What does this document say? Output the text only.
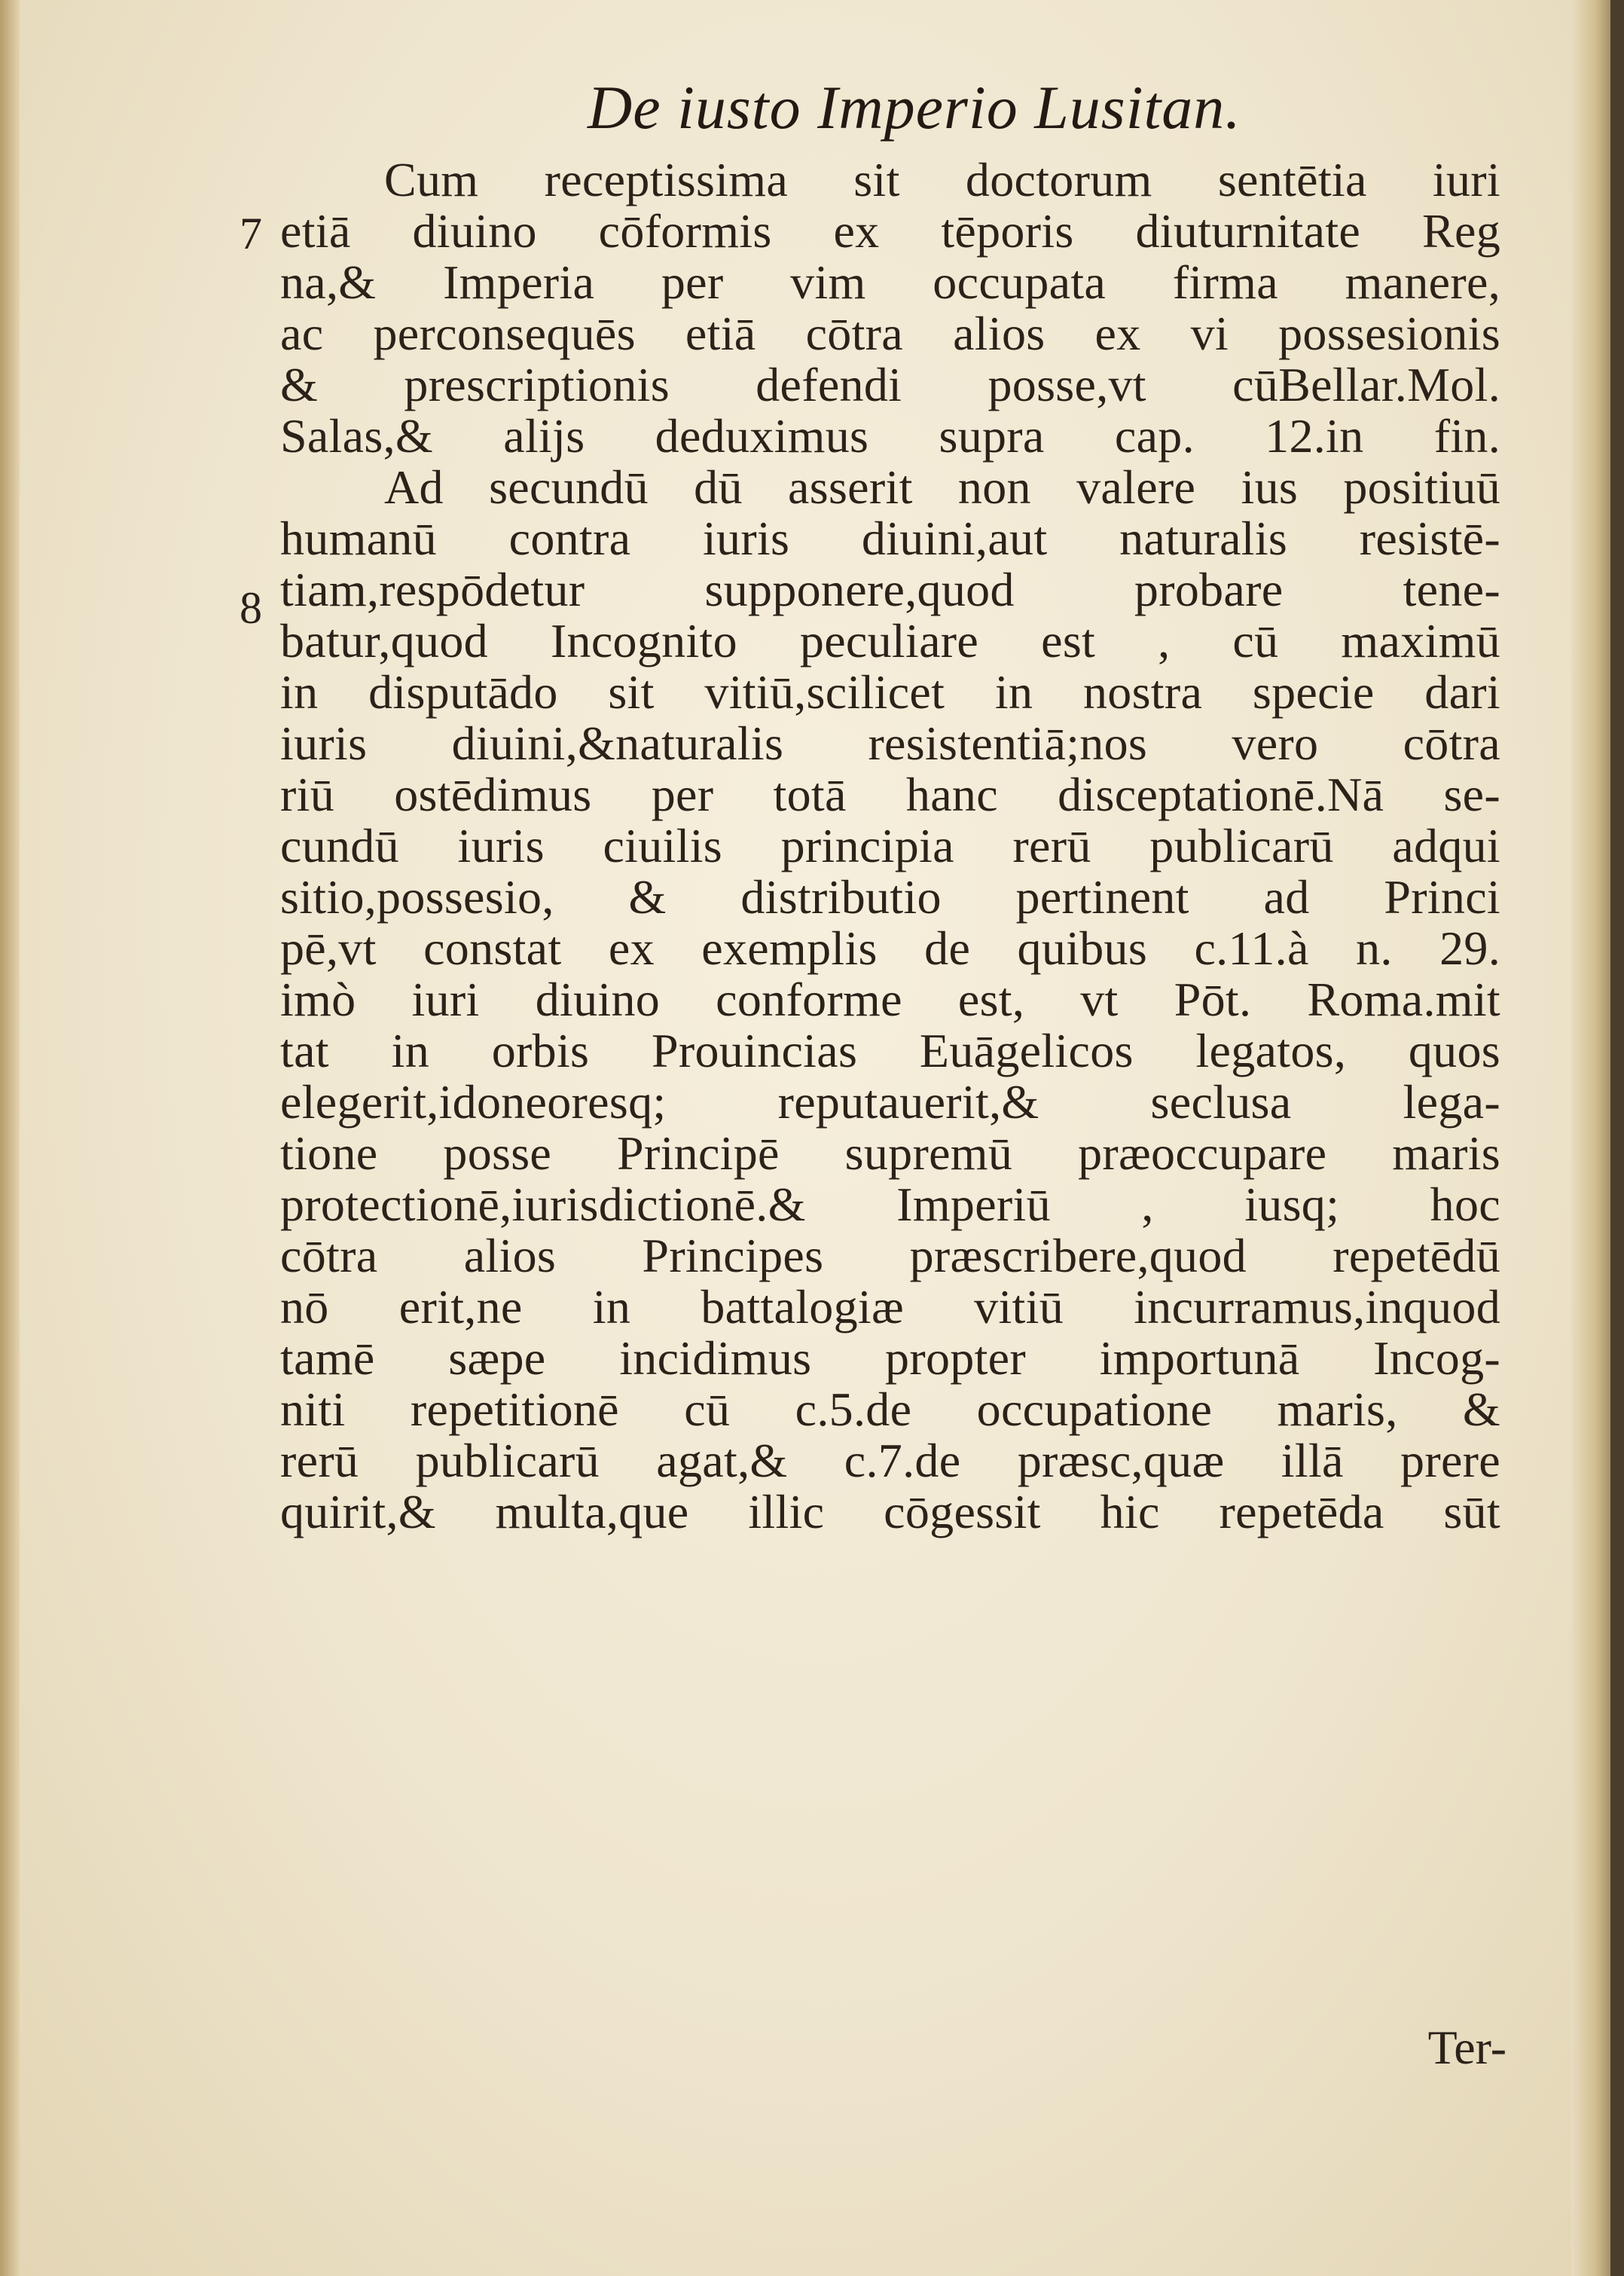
De iusto Imperio Lusitan.
7
8
Cum receptissima sit doctorum sentētia iuri
etiā diuino cōformis ex tēporis diuturnitate Reg
na,& Imperia per vim occupata firma manere,
ac perconsequēs etiā cōtra alios ex vi possesionis
& prescriptionis defendi posse,vt cūBellar.Mol.
Salas,& alijs deduximus supra cap. 12.in fin.
Ad secundū dū asserit non valere ius positiuū
humanū contra iuris diuini,aut naturalis resistē-
tiam,respōdetur supponere,quod probare tene-
batur,quod Incognito peculiare est , cū maximū
in disputādo sit vitiū,scilicet in nostra specie dari
iuris diuini,&naturalis resistentiā;nos vero cōtra
riū ostēdimus per totā hanc disceptationē.Nā se-
cundū iuris ciuilis principia rerū publicarū adqui
sitio,possesio, & distributio pertinent ad Princi
pē,vt constat ex exemplis de quibus c.11.à n. 29.
imò iuri diuino conforme est, vt Pōt. Roma.mit
tat in orbis Prouincias Euāgelicos legatos, quos
elegerit,idoneoresq; reputauerit,& seclusa lega-
tione posse Principē supremū præoccupare maris
protectionē,iurisdictionē.& Imperiū , iusq; hoc
cōtra alios Principes præscribere,quod repetēdū
nō erit,ne in battalogiæ vitiū incurramus,inquod
tamē sæpe incidimus propter importunā Incog-
niti repetitionē cū c.5.de occupatione maris, &
rerū publicarū agat,& c.7.de præsc,quæ illā prere
quirit,& multa,que illic cōgessit hic repetēda sūt
Ter-
